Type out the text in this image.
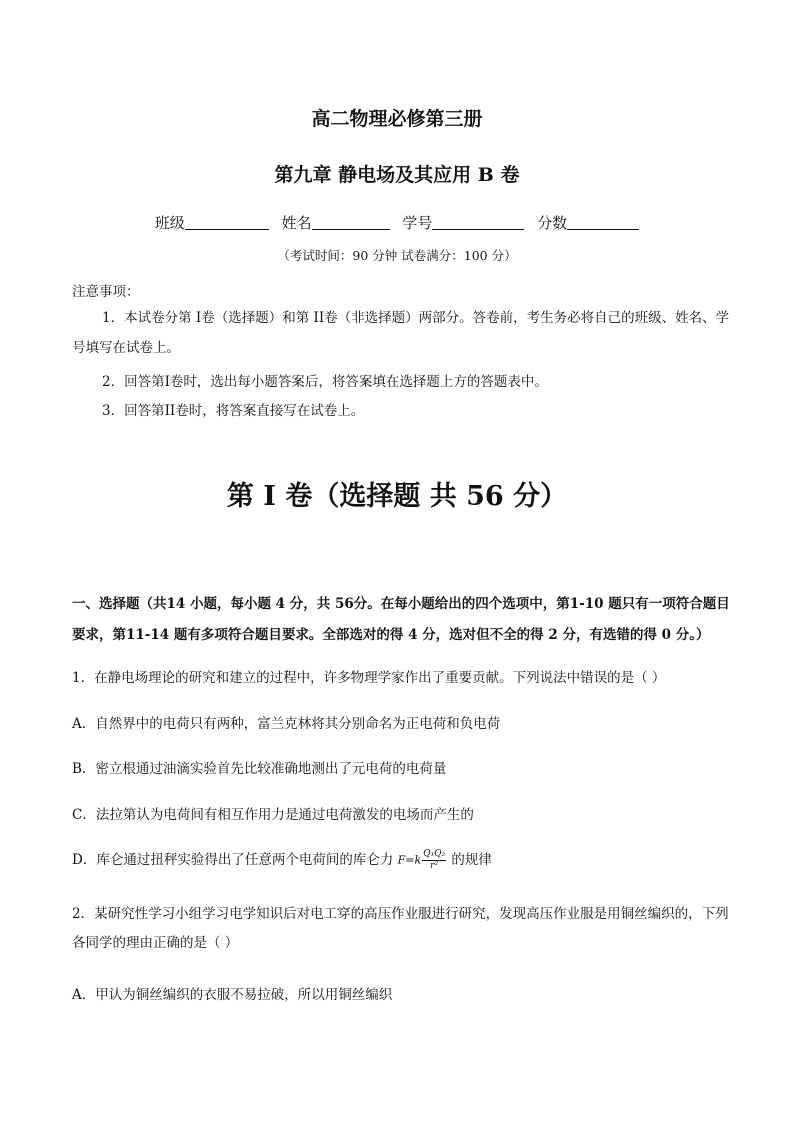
高二物理必修第三册
第九章 静电场及其应用 B 卷
班级	姓名	学号	分数
（考试时间：90 分钟 试卷满分：100 分）
注意事项：
1．本试卷分第 I卷（选择题）和第 II卷（非选择题）两部分。答卷前，考生务必将自己的班级、姓名、学号填写在试卷上。
2．回答第I卷时，选出每小题答案后，将答案填在选择题上方的答题表中。
3．回答第II卷时，将答案直接写在试卷上。
第 I 卷（选择题 共 56 分）
一、选择题（共14 小题，每小题 4 分，共 56分。在每小题给出的四个选项中，第1-10 题只有一项符合题目要求，第11-14 题有多项符合题目要求。全部选对的得 4 分，选对但不全的得 2 分，有选错的得 0 分。）
1．在静电场理论的研究和建立的过程中，许多物理学家作出了重要贡献。下列说法中错误的是（ ）
A．自然界中的电荷只有两种，富兰克林将其分别命名为正电荷和负电荷
B．密立根通过油滴实验首先比较准确地测出了元电荷的电荷量
C．法拉第认为电荷间有相互作用力是通过电荷激发的电场而产生的
D．库仑通过扭秤实验得出了任意两个电荷间的库仑力 $F=k \frac{\text{Q₁Q₂}}{\text{r²}}$ 的规律
2．某研究性学习小组学习电学知识后对电工穿的高压作业服进行研究，发现高压作业服是用铜丝编织的，下列各同学的理由正确的是（ ）
A．甲认为铜丝编织的衣服不易拉破，所以用铜丝编织
